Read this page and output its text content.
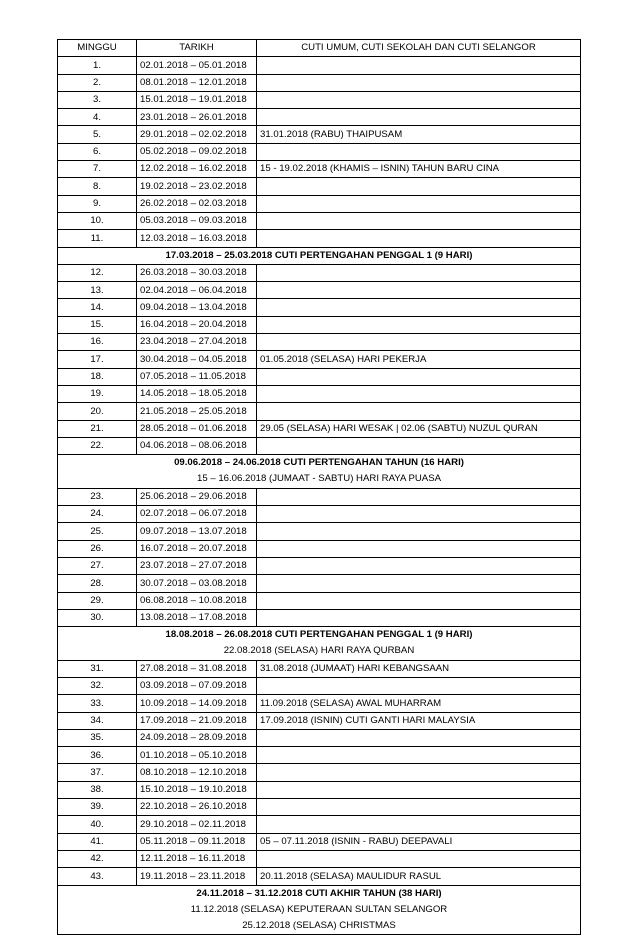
MINGGU	TARIKH	CUTI UMUM, CUTI SEKOLAH DAN CUTI SELANGOR
1.	02.01.2018 – 05.01.2018	
2.	08.01.2018 – 12.01.2018	
3.	15.01.2018 – 19.01.2018	
4.	23.01.2018 – 26.01.2018	
5.	29.01.2018 – 02.02.2018	31.01.2018 (RABU) THAIPUSAM
6.	05.02.2018 – 09.02.2018	
7.	12.02.2018 – 16.02.2018	15 - 19.02.2018 (KHAMIS – ISNIN) TAHUN BARU CINA
8.	19.02.2018 – 23.02.2018	
9.	26.02.2018 – 02.03.2018	
10.	05.03.2018 – 09.03.2018	
11.	12.03.2018 – 16.03.2018	

17.03.2018 – 25.03.2018 CUTI PERTENGAHAN PENGGAL 1 (9 HARI)		

12.	26.03.2018 – 30.03.2018	
13.	02.04.2018 – 06.04.2018	
14.	09.04.2018 – 13.04.2018	
15.	16.04.2018 – 20.04.2018	
16.	23.04.2018 – 27.04.2018	
17.	30.04.2018 – 04.05.2018	01.05.2018 (SELASA) HARI PEKERJA
18.	07.05.2018 – 11.05.2018	
19.	14.05.2018 – 18.05.2018	
20.	21.05.2018 – 25.05.2018	
21.	28.05.2018 – 01.06.2018	29.05 (SELASA) HARI WESAK | 02.06 (SABTU) NUZUL QURAN
22.	04.06.2018 – 08.06.2018	

09.06.2018 – 24.06.2018 CUTI PERTENGAHAN TAHUN (16 HARI)
15 – 16.06.2018 (JUMAAT - SABTU) HARI RAYA PUASA		

23.	25.06.2018 – 29.06.2018	
24.	02.07.2018 – 06.07.2018	
25.	09.07.2018 – 13.07.2018	
26.	16.07.2018 – 20.07.2018	
27.	23.07.2018 – 27.07.2018	
28.	30.07.2018 – 03.08.2018	
29.	06.08.2018 – 10.08.2018	
30.	13.08.2018 – 17.08.2018	

18.08.2018 – 26.08.2018 CUTI PERTENGAHAN PENGGAL 1 (9 HARI)
22.08.2018 (SELASA) HARI RAYA QURBAN		

31.	27.08.2018 – 31.08.2018	31.08.2018 (JUMAAT) HARI KEBANGSAAN
32.	03.09.2018 – 07.09.2018	
33.	10.09.2018 – 14.09.2018	11.09.2018 (SELASA) AWAL MUHARRAM
34.	17.09.2018 – 21.09.2018	17.09.2018 (ISNIN) CUTI GANTI HARI MALAYSIA
35.	24.09.2018 – 28.09.2018	
36.	01.10.2018 – 05.10.2018	
37.	08.10.2018 – 12.10.2018	
38.	15.10.2018 – 19.10.2018	
39.	22.10.2018 – 26.10.2018	
40.	29.10.2018 – 02.11.2018	
41.	05.11.2018 – 09.11.2018	05 – 07.11.2018 (ISNIN - RABU) DEEPAVALI
42.	12.11.2018 – 16.11.2018	
43.	19.11.2018 – 23.11.2018	20.11.2018 (SELASA) MAULIDUR RASUL

24.11.2018 – 31.12.2018 CUTI AKHIR TAHUN (38 HARI)
11.12.2018 (SELASA) KEPUTERAAN SULTAN SELANGOR
25.12.2018 (SELASA) CHRISTMAS		
